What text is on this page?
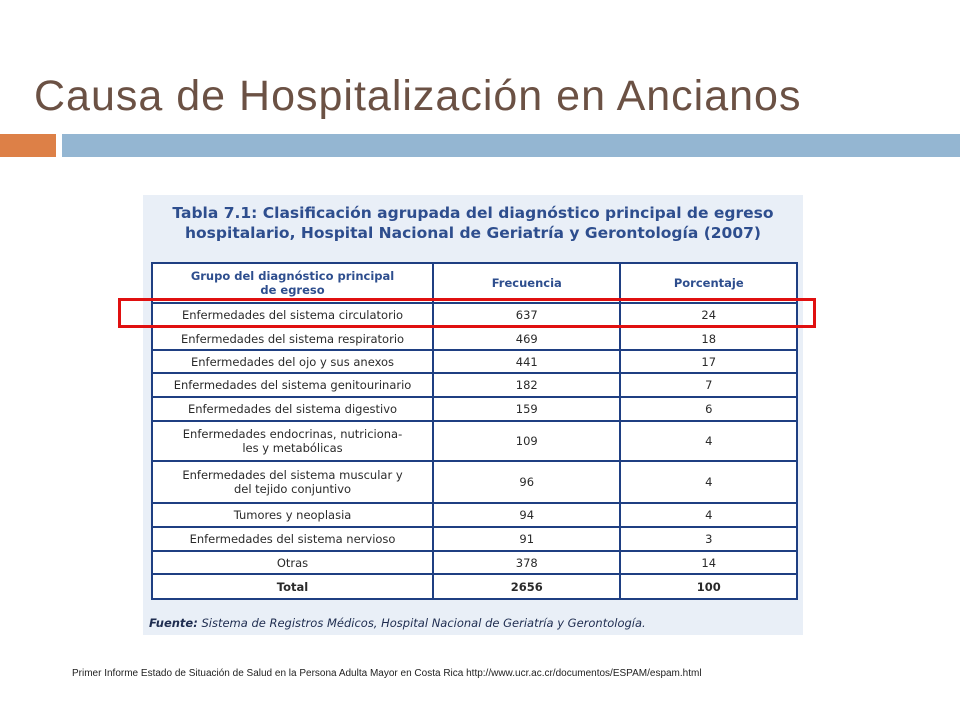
Causa de Hospitalización en Ancianos
Tabla 7.1: Clasificación agrupada del diagnóstico principal de egreso
hospitalario, Hospital Nacional de Geriatría y Gerontología (2007)
Grupo del diagnóstico principal
de egreso	Frecuencia	Porcentaje
Enfermedades del sistema circulatorio	637	24
Enfermedades del sistema respiratorio	469	18
Enfermedades del ojo y sus anexos	441	17
Enfermedades del sistema genitourinario	182	7
Enfermedades del sistema digestivo	159	6

Enfermedades endocrinas, nutriciona-
les y metabólicas	109	4

Enfermedades del sistema muscular y
del tejido conjuntivo	96	4
Tumores y neoplasia	94	4
Enfermedades del sistema nervioso	91	3
Otras	378	14
Total	2656	100
Fuente: Sistema de Registros Médicos, Hospital Nacional de Geriatría y Gerontología.
Primer Informe Estado de Situación de Salud en la Persona Adulta Mayor en Costa Rica http://www.ucr.ac.cr/documentos/ESPAM/espam.html
